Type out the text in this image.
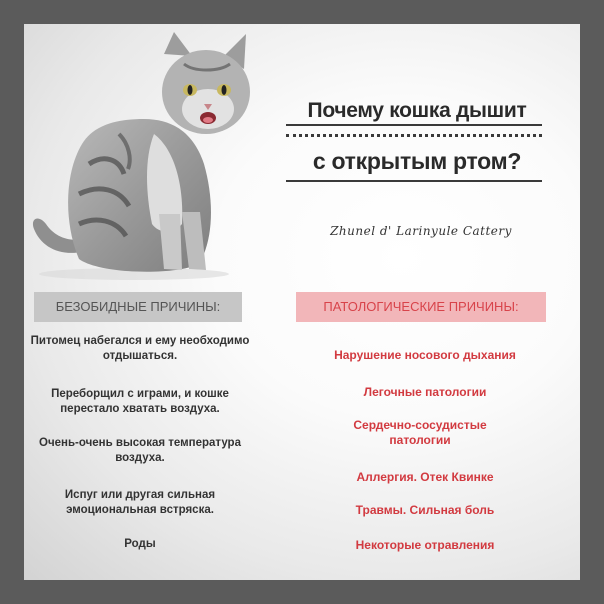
Почему кошка дышит
с открытым ртом?
Zhunel d' Larinyule Cattery
БЕЗОБИДНЫЕ ПРИЧИНЫ:	ПАТОЛОГИЧЕСКИЕ ПРИЧИНЫ:
Питомец набегался и ему необходимо отдышаться.
Переборщил с играми, и кошке перестало хватать воздуха.
Очень-очень высокая температура воздуха.
Испуг или другая сильная эмоциональная встряска.
Роды
Нарушение носового дыхания
Легочные патологии
Сердечно-сосудистые патологии
Аллергия. Отек Квинке
Травмы. Сильная боль
Некоторые отравления
